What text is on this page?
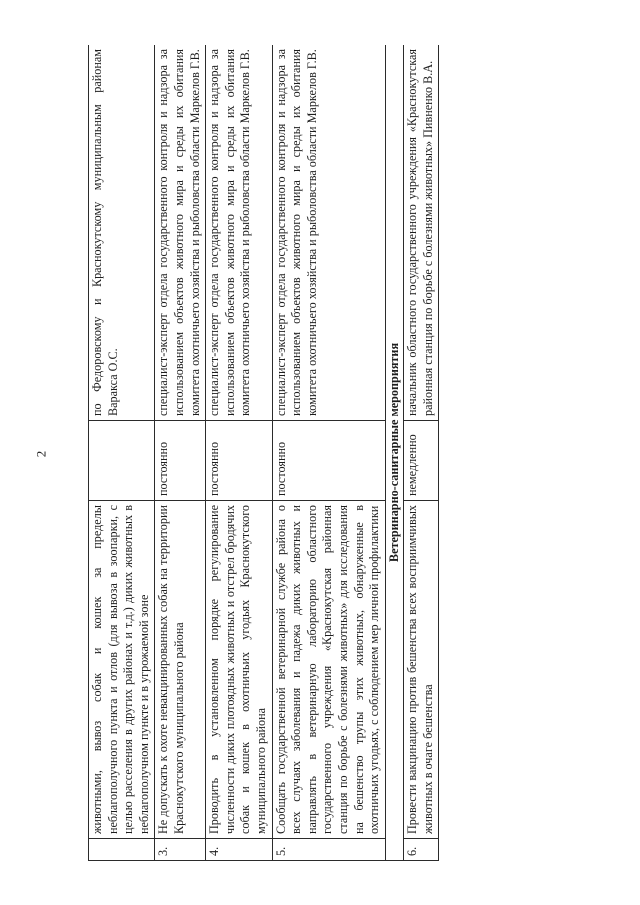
2
	животными, вывоз собак и кошек за пределы неблагополучного пункта и отлов (для вывоза в зоопарки, с целью расселения в других районах и т.д.) диких животных в неблагополучном пункте и в угрожаемой зоне		по Федоровскому и Краснокутскому муниципальным районам Варакса О.С.
3.	Не допускать к охоте невакцинированных собак на территории Краснокутского муниципального района	постоянно	специалист-эксперт отдела государственного контроля и надзора за использованием объектов животного мира и среды их обитания комитета охотничьего хозяйства и рыболовства области Маркелов Г.В.
4.	Проводить в установленном порядке регулирование численности диких плотоядных животных и отстрел бродячих собак и кошек в охотничьих угодьях Краснокутского муниципального района	постоянно	специалист-эксперт отдела государственного контроля и надзора за использованием объектов животного мира и среды их обитания комитета охотничьего хозяйства и рыболовства области Маркелов Г.В.
5.	Сообщать государственной ветеринарной службе района о всех случаях заболевания и падежа диких животных и направлять в ветеринарную лабораторию областного государственного учреждения «Краснокутская районная станция по борьбе с болезнями животных» для исследования на бешенство трупы этих животных, обнаруженные в охотничьих угодьях, с соблюдением мер личной профилактики	постоянно	специалист-эксперт отдела государственного контроля и надзора за использованием объектов животного мира и среды их обитания комитета охотничьего хозяйства и рыболовства области Маркелов Г.В.
Ветеринарно-санитарные мероприятия			
6.	Провести вакцинацию против бешенства всех восприимчивых животных в очаге бешенства	немедленно	начальник областного государственного учреждения «Краснокутская районная станция по борьбе с болезнями животных» Пивненко В.А.
